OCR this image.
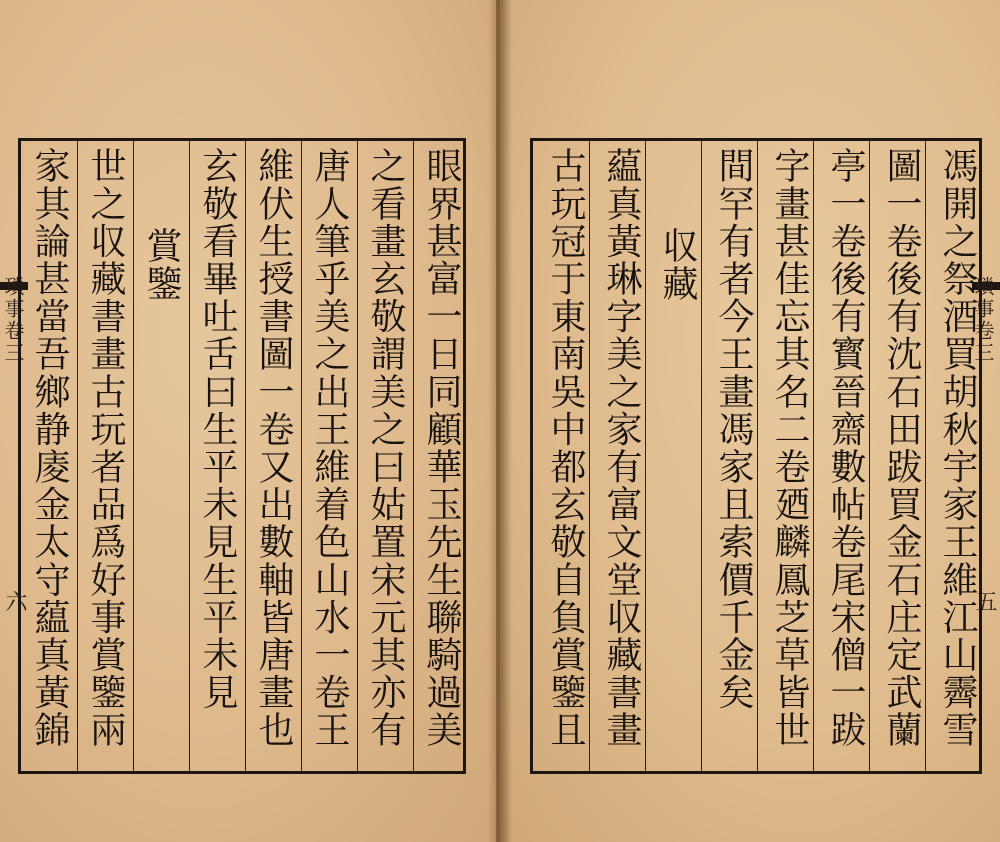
瑣事卷三
六	眼界甚富一日同顧華玉先生聯騎過美
之看畫玄敬謂美之曰姑置宋元其亦有
唐人筆乎美之出王維着色山水一卷王
維伏生授書圖一卷又出數軸皆唐畫也
玄敬看畢吐舌曰生平未見生平未見
賞鑒
世之収藏書畫古玩者品爲好事賞鑒兩
家其論甚當吾鄉静庱金太守藴真黃錦	瑣事卷三
五
馮開之祭酒買胡秋宇家王維江山霽雪
圖一卷後有沈石田跋買金石庄定武蘭
亭一卷後有寳晉齋數帖卷尾宋僧一跋
字畫甚佳忘其名二卷廼麟鳳芝草皆世
間罕有者今王畫馮家且索價千金矣
収藏
藴真黃琳字美之家有富文堂収藏書畫
古玩冠于東南吳中都玄敬自負賞鑒且
